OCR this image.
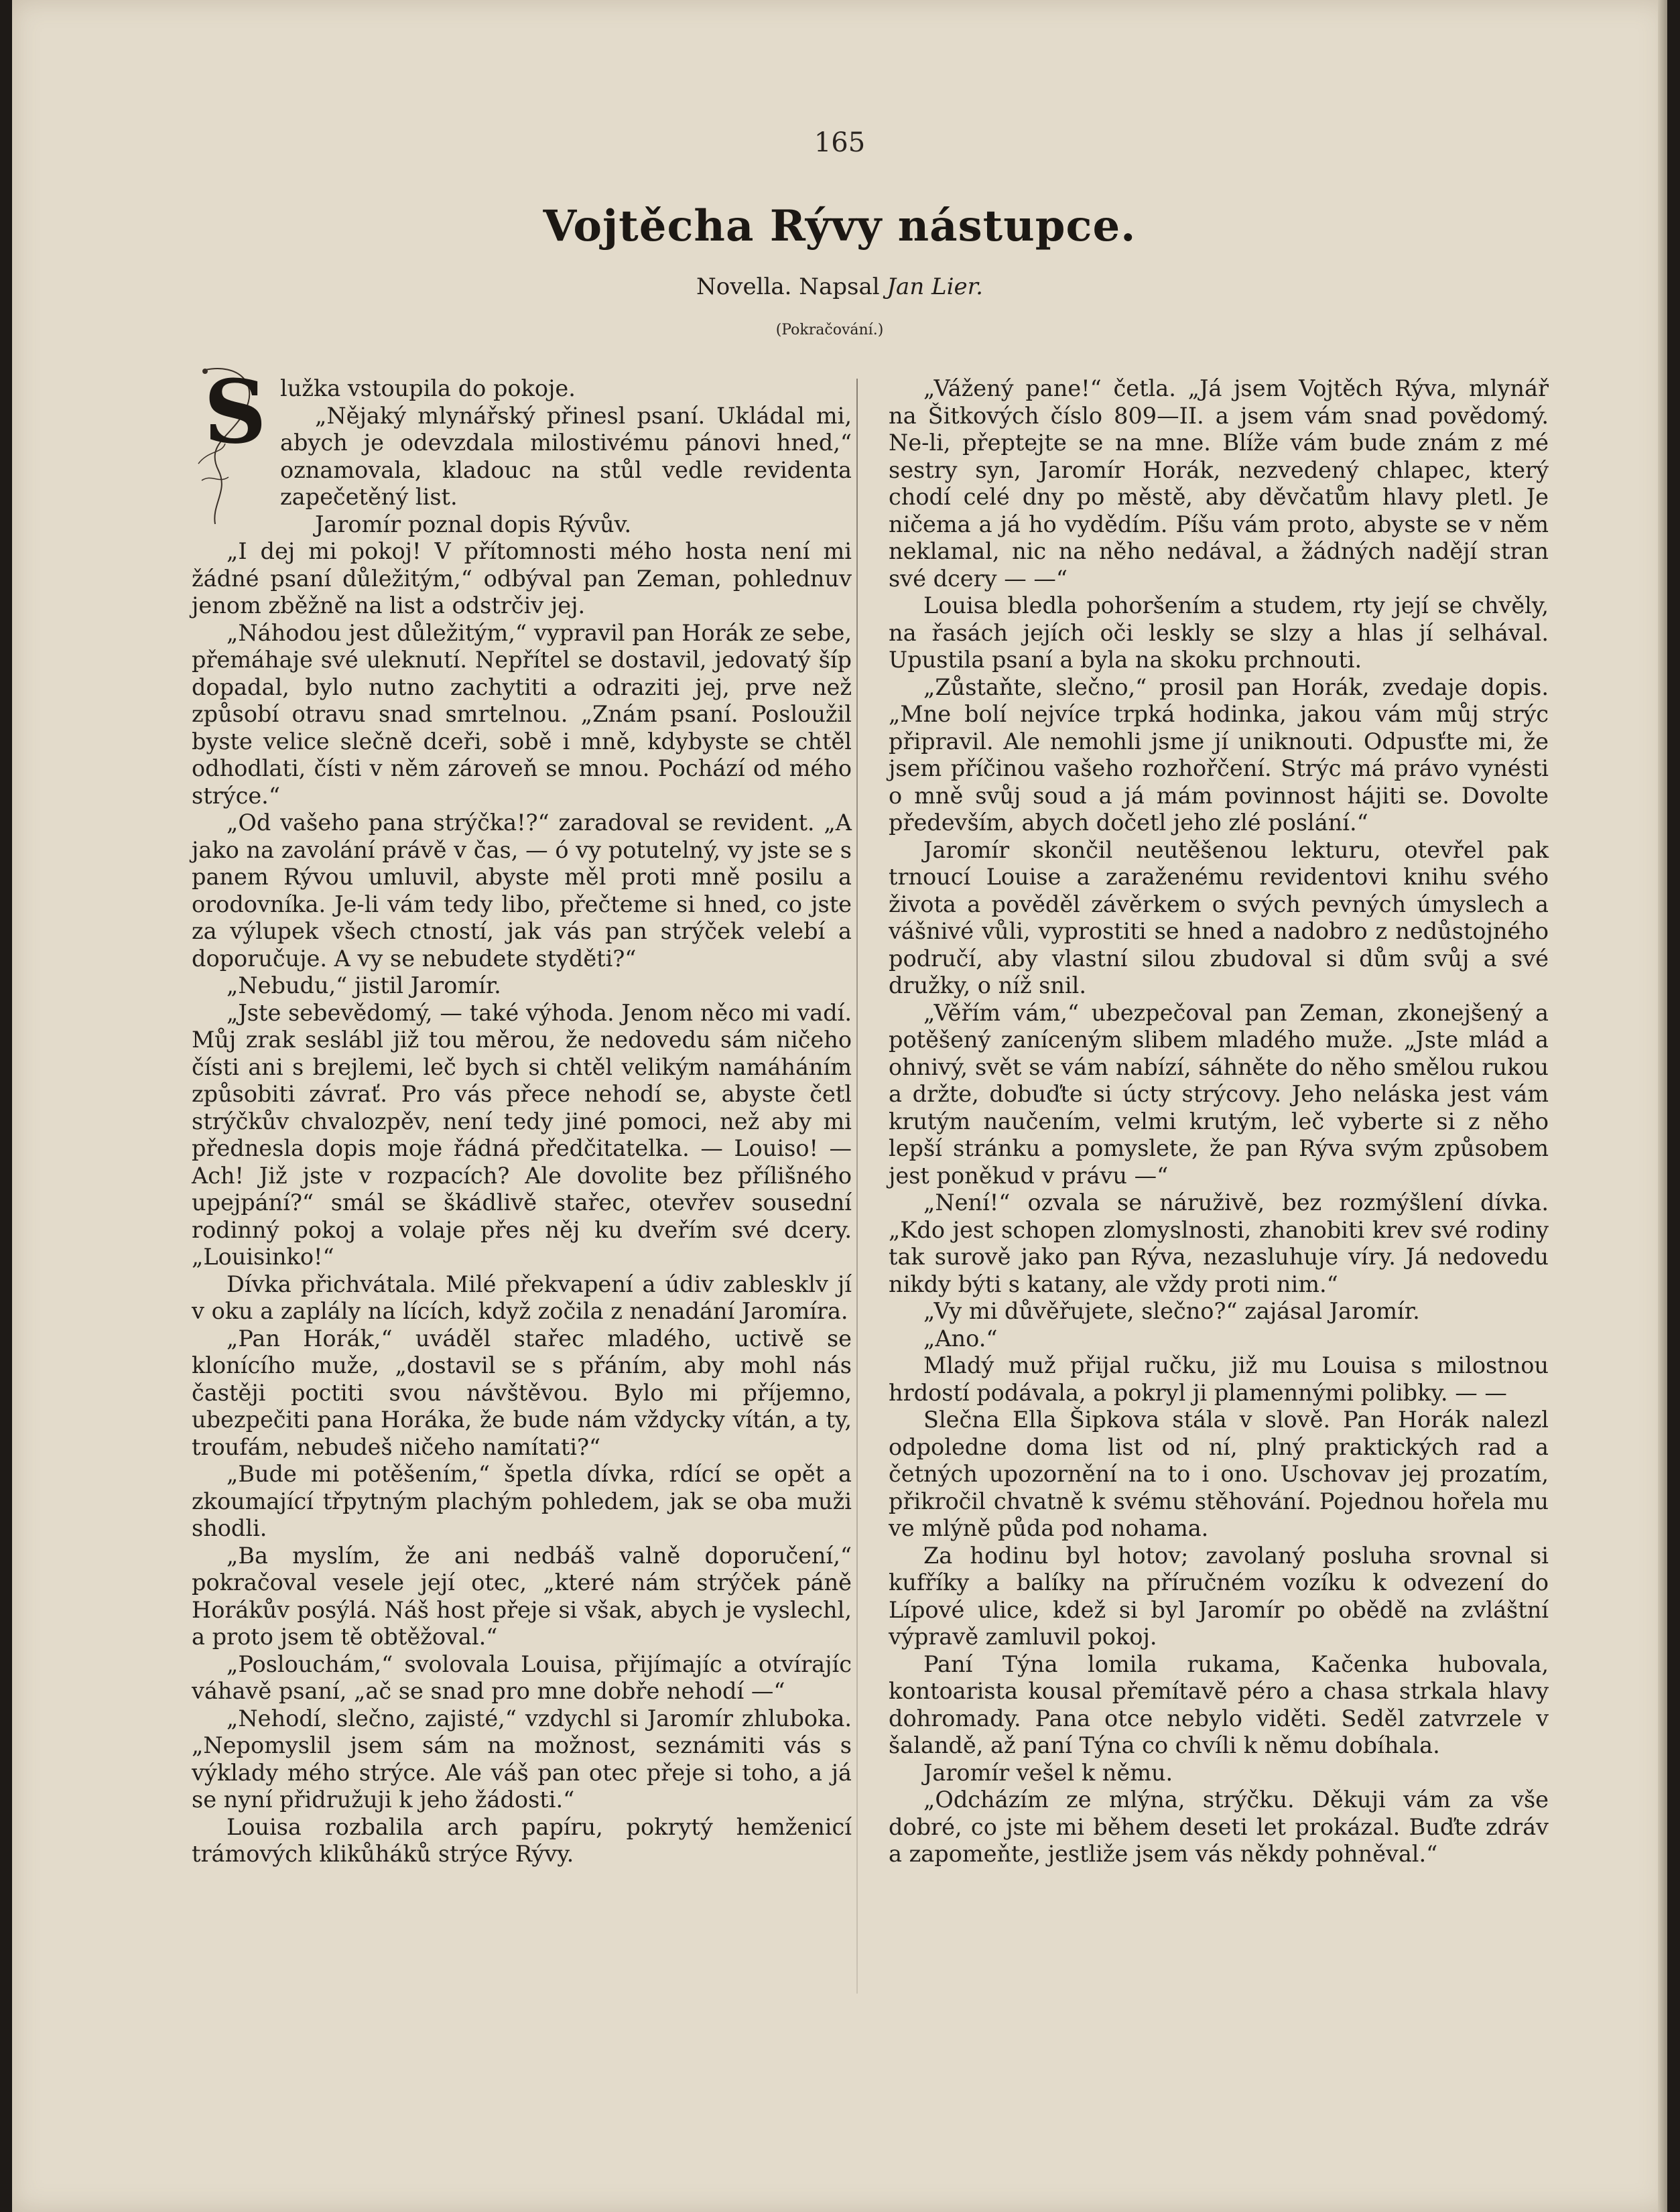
165
Vojtěcha Rývy nástupce.
Novella. Napsal Jan Lier.
(Pokračování.)
S lužka vstoupila do pokoje.

„Nějaký mlynářský přinesl psaní. Ukládal mi, abych je odevzdala milostivému pánovi hned,“ oznamovala, kladouc na stůl vedle revidenta zapečetěný list.

Jaromír poznal dopis Rývův.

„I dej mi pokoj! V přítomnosti mého hosta není mi žádné psaní důležitým,“ odbýval pan Zeman, pohlednuv jenom zběžně na list a odstrčiv jej.

„Náhodou jest důležitým,“ vypravil pan Horák ze sebe, přemáhaje své uleknutí. Nepřítel se dostavil, jedovatý šíp dopadal, bylo nutno zachytiti a odraziti jej, prve než způsobí otravu snad smrtelnou. „Znám psaní. Posloužil byste velice slečně dceři, sobě i mně, kdybyste se chtěl odhodlati, čísti v něm zároveň se mnou. Pochází od mého strýce.“

„Od vašeho pana strýčka!?“ zaradoval se revident. „A jako na zavolání právě v čas, — ó vy potutelný, vy jste se s panem Rývou umluvil, abyste měl proti mně posilu a orodovníka. Je-li vám tedy libo, přečteme si hned, co jste za výlupek všech ctností, jak vás pan strýček velebí a doporučuje. A vy se nebudete styděti?“

„Nebudu,“ jistil Jaromír.

„Jste sebevědomý, — také výhoda. Jenom něco mi vadí. Můj zrak seslábl již tou měrou, že nedovedu sám ničeho čísti ani s brejlemi, leč bych si chtěl velikým namáháním způsobiti závrať. Pro vás přece nehodí se, abyste četl strýčkův chvalozpěv, není tedy jiné pomoci, než aby mi přednesla dopis moje řádná předčitatelka. — Louiso! — Ach! Již jste v rozpacích? Ale dovolite bez přílišného upejpání?“ smál se škádlivě stařec, otevřev sousední rodinný pokoj a volaje přes něj ku dveřím své dcery. „Louisinko!“

Dívka přichvátala. Milé překvapení a údiv zablesklv jí v oku a zaplály na lících, když zočila z nenadání Jaromíra.

„Pan Horák,“ uváděl stařec mladého, uctivě se klonícího muže, „dostavil se s přáním, aby mohl nás častěji poctiti svou návštěvou. Bylo mi příjemno, ubezpečiti pana Horáka, že bude nám vždycky vítán, a ty, troufám, nebudeš ničeho namítati?“

„Bude mi potěšením,“ špetla dívka, rdící se opět a zkoumající třpytným plachým pohledem, jak se oba muži shodli.

„Ba myslím, že ani nedbáš valně doporučení,“ pokračoval vesele její otec, „které nám strýček páně Horákův posýlá. Náš host přeje si však, abych je vyslechl, a proto jsem tě obtěžoval.“

„Poslouchám,“ svolovala Louisa, přijímajíc a otvírajíc váhavě psaní, „ač se snad pro mne dobře nehodí —“

„Nehodí, slečno, zajisté,“ vzdychl si Jaromír zhluboka. „Nepomyslil jsem sám na možnost, seznámiti vás s výklady mého strýce. Ale váš pan otec přeje si toho, a já se nyní přidružuji k jeho žádosti.“

Louisa rozbalila arch papíru, pokrytý hemženicí trámových klikůháků strýce Rývy.

„Vážený pane!“ četla. „Já jsem Vojtěch Rýva, mlynář na Šitkových číslo 809—II. a jsem vám snad povědomý. Ne-li, přeptejte se na mne. Blíže vám bude znám z mé sestry syn, Jaromír Horák, nezvedený chlapec, který chodí celé dny po městě, aby děvčatům hlavy pletl. Je ničema a já ho vydědím. Píšu vám proto, abyste se v něm neklamal, nic na něho nedával, a žádných nadějí stran své dcery — —“

Louisa bledla pohoršením a studem, rty její se chvěly, na řasách jejích oči leskly se slzy a hlas jí selhával. Upustila psaní a byla na skoku prchnouti.

„Zůstaňte, slečno,“ prosil pan Horák, zvedaje dopis. „Mne bolí nejvíce trpká hodinka, jakou vám můj strýc připravil. Ale nemohli jsme jí uniknouti. Odpusťte mi, že jsem příčinou vašeho rozhořčení. Strýc má právo vynésti o mně svůj soud a já mám povinnost hájiti se. Dovolte především, abych dočetl jeho zlé poslání.“

Jaromír skončil neutěšenou lekturu, otevřel pak trnoucí Louise a zaraženému revidentovi knihu svého života a pověděl závěrkem o svých pevných úmyslech a vášnivé vůli, vyprostiti se hned a nadobro z nedůstojného područí, aby vlastní silou zbudoval si dům svůj a své družky, o níž snil.

„Věřím vám,“ ubezpečoval pan Zeman, zkonejšený a potěšený zaníceným slibem mladého muže. „Jste mlád a ohnivý, svět se vám nabízí, sáhněte do něho smělou rukou a držte, dobuďte si úcty strýcovy. Jeho neláska jest vám krutým naučením, velmi krutým, leč vyberte si z něho lepší stránku a pomyslete, že pan Rýva svým způsobem jest poněkud v právu —“

„Není!“ ozvala se náruživě, bez rozmýšlení dívka. „Kdo jest schopen zlomyslnosti, zhanobiti krev své rodiny tak surově jako pan Rýva, nezasluhuje víry. Já nedovedu nikdy býti s katany, ale vždy proti nim.“

„Vy mi důvěřujete, slečno?“ zajásal Jaromír.

„Ano.“

Mladý muž přijal ručku, již mu Louisa s milostnou hrdostí podávala, a pokryl ji plamennými polibky. — —

Slečna Ella Šipkova stála v slově. Pan Horák nalezl odpoledne doma list od ní, plný praktických rad a četných upozornění na to i ono. Uschovav jej prozatím, přikročil chvatně k svému stěhování. Pojednou hořela mu ve mlýně půda pod nohama.

Za hodinu byl hotov; zavolaný posluha srovnal si kufříky a balíky na příručném vozíku k odvezení do Lípové ulice, kdež si byl Jaromír po obědě na zvláštní výpravě zamluvil pokoj.

Paní Týna lomila rukama, Kačenka hubovala, kontoarista kousal přemítavě péro a chasa strkala hlavy dohromady. Pana otce nebylo viděti. Seděl zatvrzele v šalandě, až paní Týna co chvíli k němu dobíhala.

Jaromír vešel k němu.

„Odcházím ze mlýna, strýčku. Děkuji vám za vše dobré, co jste mi během deseti let prokázal. Buďte zdráv a zapomeňte, jestliže jsem vás někdy pohněval.“
